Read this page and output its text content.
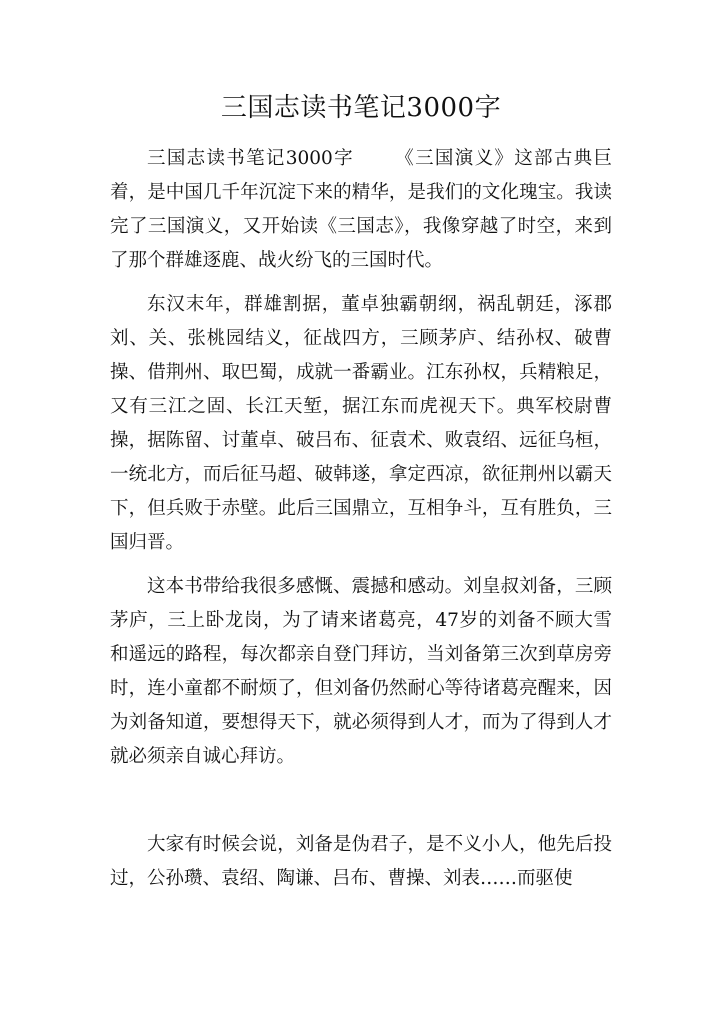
三国志读书笔记3000字

三国志读书笔记3000字 《三国演义》这部古典巨着，是中国几千年沉淀下来的精华，是我们的文化瑰宝。我读完了三国演义，又开始读《三国志》，我像穿越了时空，来到了那个群雄逐鹿、战火纷飞的三国时代。

东汉末年，群雄割据，董卓独霸朝纲，祸乱朝廷，涿郡刘、关、张桃园结义，征战四方，三顾茅庐、结孙权、破曹操、借荆州、取巴蜀，成就一番霸业。江东孙权，兵精粮足，又有三江之固、长江天堑，据江东而虎视天下。典军校尉曹操，据陈留、讨董卓、破吕布、征袁术、败袁绍、远征乌桓，一统北方，而后征马超、破韩遂，拿定西凉，欲征荆州以霸天下，但兵败于赤壁。此后三国鼎立，互相争斗，互有胜负，三国归晋。

这本书带给我很多感慨、震撼和感动。刘皇叔刘备，三顾茅庐，三上卧龙岗，为了请来诸葛亮，47岁的刘备不顾大雪和遥远的路程，每次都亲自登门拜访，当刘备第三次到草房旁时，连小童都不耐烦了，但刘备仍然耐心等待诸葛亮醒来，因为刘备知道，要想得天下，就必须得到人才，而为了得到人才就必须亲自诚心拜访。

大家有时候会说，刘备是伪君子，是不义小人，他先后投过，公孙瓒、袁绍、陶谦、吕布、曹操、刘表……而驱使
